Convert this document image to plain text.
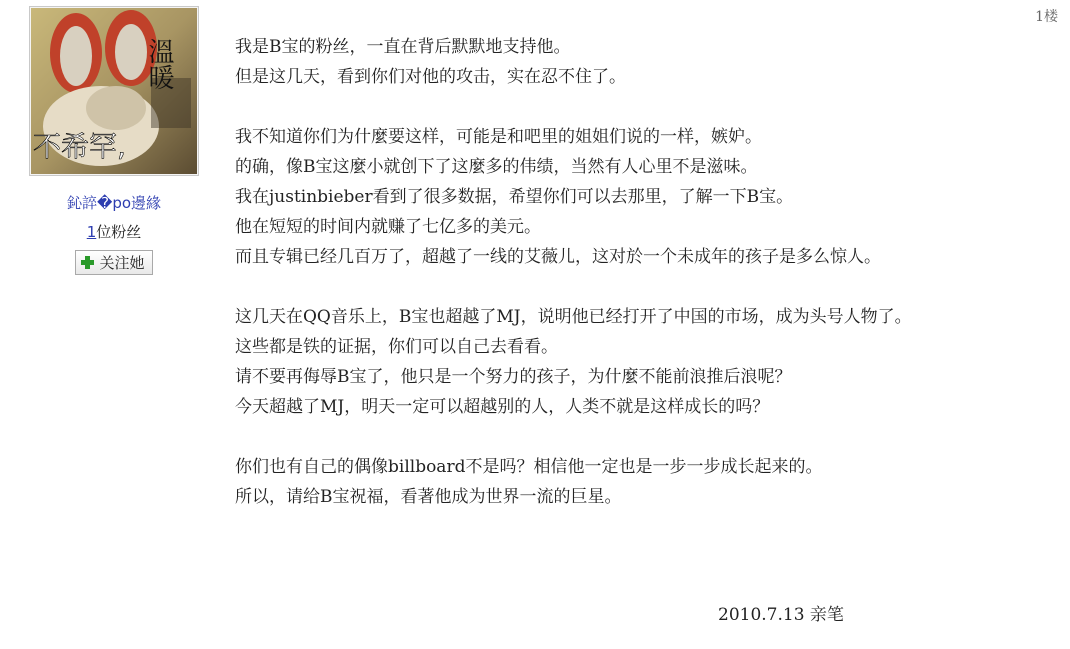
1楼
溫暖
不希罕,
鈊誶�po邊緣
1位粉丝
关注她
我是B宝的粉丝，一直在背后默默地支持他。
但是这几天，看到你们对他的攻击，实在忍不住了。
我不知道你们为什麼要这样，可能是和吧里的姐姐们说的一样，嫉妒。
的确，像B宝这麼小就创下了这麼多的伟绩，当然有人心里不是滋味。
我在justinbieber看到了很多数据，希望你们可以去那里，了解一下B宝。
他在短短的时间内就赚了七亿多的美元。
而且专辑已经几百万了，超越了一线的艾薇儿，这对於一个未成年的孩子是多么惊人。
这几天在QQ音乐上，B宝也超越了MJ，说明他已经打开了中国的市场，成为头号人物了。
这些都是铁的证据，你们可以自己去看看。
请不要再侮辱B宝了，他只是一个努力的孩子，为什麼不能前浪推后浪呢？
今天超越了MJ，明天一定可以超越别的人，人类不就是这样成长的吗？
你们也有自己的偶像billboard不是吗？相信他一定也是一步一步成长起来的。
所以，请给B宝祝福，看著他成为世界一流的巨星。
2010.7.13 亲笔
